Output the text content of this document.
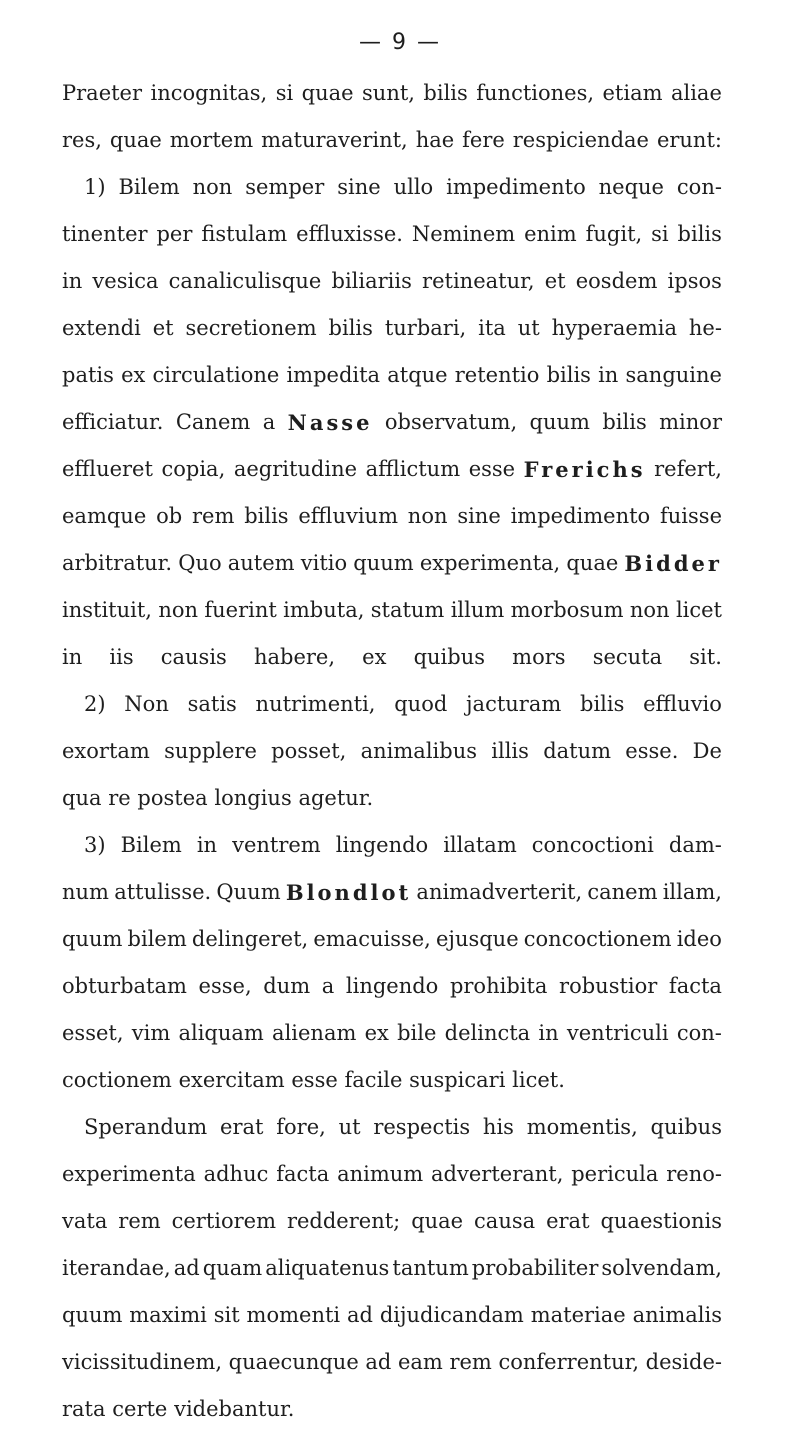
— 9 —
Praeter incognitas, si quae sunt, bilis functiones, etiam aliae
res, quae mortem maturaverint, hae fere respiciendae erunt:
1) Bilem non semper sine ullo impedimento neque con-
tinenter per fistulam effluxisse. Neminem enim fugit, si bilis
in vesica canaliculisque biliariis retineatur, et eosdem ipsos
extendi et secretionem bilis turbari, ita ut hyperaemia he-
patis ex circulatione impedita atque retentio bilis in sanguine
efficiatur. Canem a Nasse observatum, quum bilis minor
efflueret copia, aegritudine afflictum esse Frerichs refert,
eamque ob rem bilis effluvium non sine impedimento fuisse
arbitratur. Quo autem vitio quum experimenta, quae Bidder
instituit, non fuerint imbuta, statum illum morbosum non licet
in iis causis habere, ex quibus mors secuta sit.
2) Non satis nutrimenti, quod jacturam bilis effluvio
exortam supplere posset, animalibus illis datum esse. De
qua re postea longius agetur.
3) Bilem in ventrem lingendo illatam concoctioni dam-
num attulisse. Quum Blondlot animadverterit, canem illam,
quum bilem delingeret, emacuisse, ejusque concoctionem ideo
obturbatam esse, dum a lingendo prohibita robustior facta
esset, vim aliquam alienam ex bile delincta in ventriculi con-
coctionem exercitam esse facile suspicari licet.
Sperandum erat fore, ut respectis his momentis, quibus
experimenta adhuc facta animum adverterant, pericula reno-
vata rem certiorem redderent; quae causa erat quaestionis
iterandae, ad quam aliquatenus tantum probabiliter solvendam,
quum maximi sit momenti ad dijudicandam materiae animalis
vicissitudinem, quaecunque ad eam rem conferrentur, deside-
rata certe videbantur.
